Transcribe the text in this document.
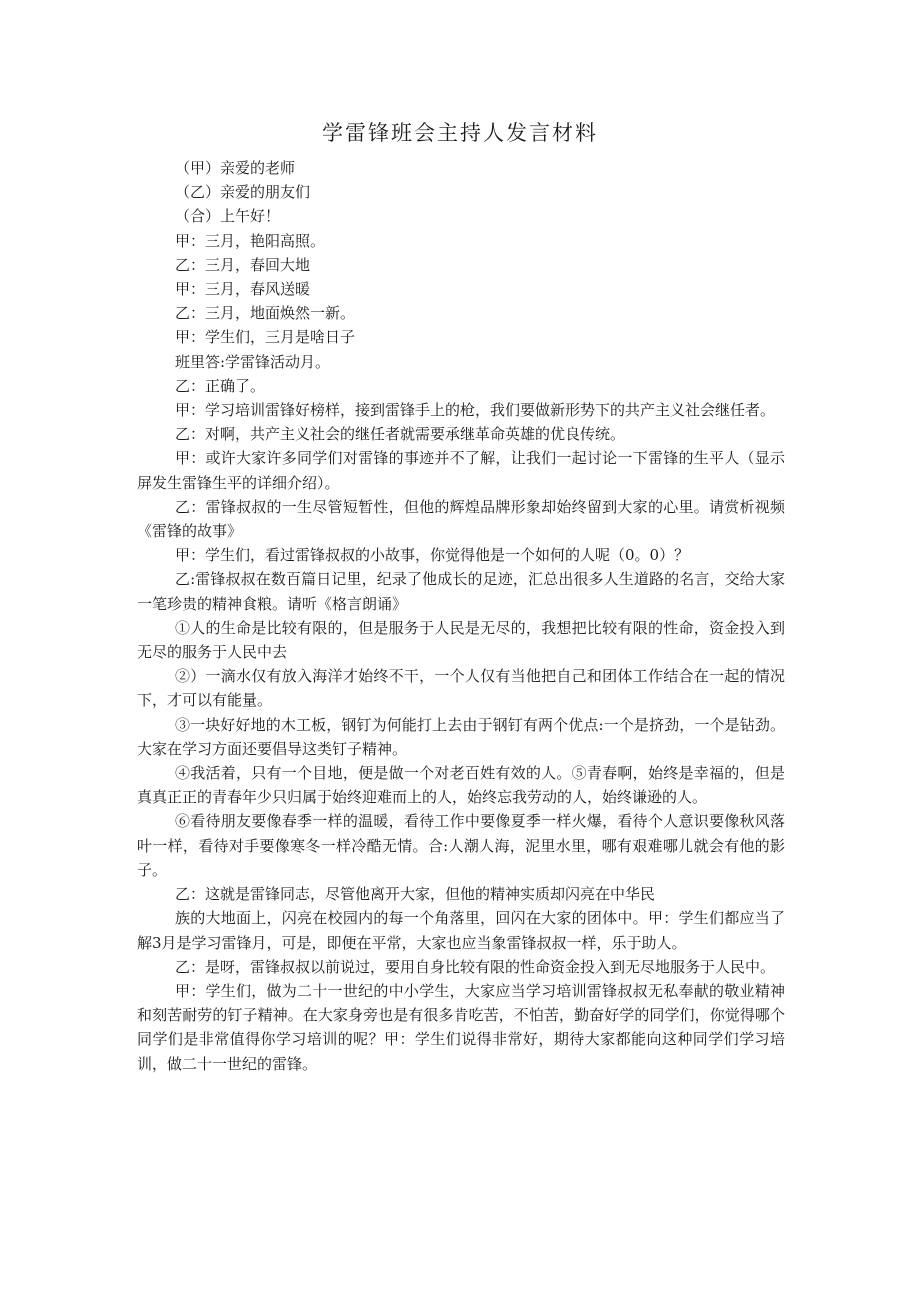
学雷锋班会主持人发言材料

（甲）亲爱的老师

（乙）亲爱的朋友们

（合）上午好！

甲：三月，艳阳高照。

乙：三月，春回大地

甲：三月，春风送暖

乙：三月，地面焕然一新。

甲：学生们，三月是啥日子

班里答:学雷锋活动月。

乙：正确了。

甲：学习培训雷锋好榜样，接到雷锋手上的枪，我们要做新形势下的共产主义社会继任者。

乙：对啊，共产主义社会的继任者就需要承继革命英雄的优良传统。

甲：或许大家许多同学们对雷锋的事迹并不了解，让我们一起讨论一下雷锋的生平人（显示屏发生雷锋生平的详细介绍）。

乙：雷锋叔叔的一生尽管短暂性，但他的辉煌品牌形象却始终留到大家的心里。请赏析视频《雷锋的故事》

甲：学生们，看过雷锋叔叔的小故事，你觉得他是一个如何的人呢（0。0）？

乙:雷锋叔叔在数百篇日记里，纪录了他成长的足迹，汇总出很多人生道路的名言，交给大家一笔珍贵的精神食粮。请听《格言朗诵》

①人的生命是比较有限的，但是服务于人民是无尽的，我想把比较有限的性命，资金投入到无尽的服务于人民中去

②）一滴水仅有放入海洋才始终不干，一个人仅有当他把自己和团体工作结合在一起的情况下，才可以有能量。

③一块好好地的木工板，钢钉为何能打上去由于钢钉有两个优点:一个是挤劲，一个是钻劲。大家在学习方面还要倡导这类钉子精神。

④我活着，只有一个目地，便是做一个对老百姓有效的人。⑤青春啊，始终是幸福的，但是真真正正的青春年少只归属于始终迎难而上的人，始终忘我劳动的人，始终谦逊的人。

⑥看待朋友要像春季一样的温暖，看待工作中要像夏季一样火爆，看待个人意识要像秋风落叶一样，看待对手要像寒冬一样冷酷无情。合:人潮人海，泥里水里，哪有艰难哪儿就会有他的影子。

乙：这就是雷锋同志，尽管他离开大家，但他的精神实质却闪亮在中华民

族的大地面上，闪亮在校园内的每一个角落里，回闪在大家的团体中。甲：学生们都应当了解3月是学习雷锋月，可是，即便在平常，大家也应当象雷锋叔叔一样，乐于助人。

乙：是呀，雷锋叔叔以前说过，要用自身比较有限的性命资金投入到无尽地服务于人民中。

甲：学生们，做为二十一世纪的中小学生，大家应当学习培训雷锋叔叔无私奉献的敬业精神和刻苦耐劳的钉子精神。在大家身旁也是有很多肯吃苦，不怕苦，勤奋好学的同学们，你觉得哪个同学们是非常值得你学习培训的呢？甲：学生们说得非常好，期待大家都能向这种同学们学习培训，做二十一世纪的雷锋。
